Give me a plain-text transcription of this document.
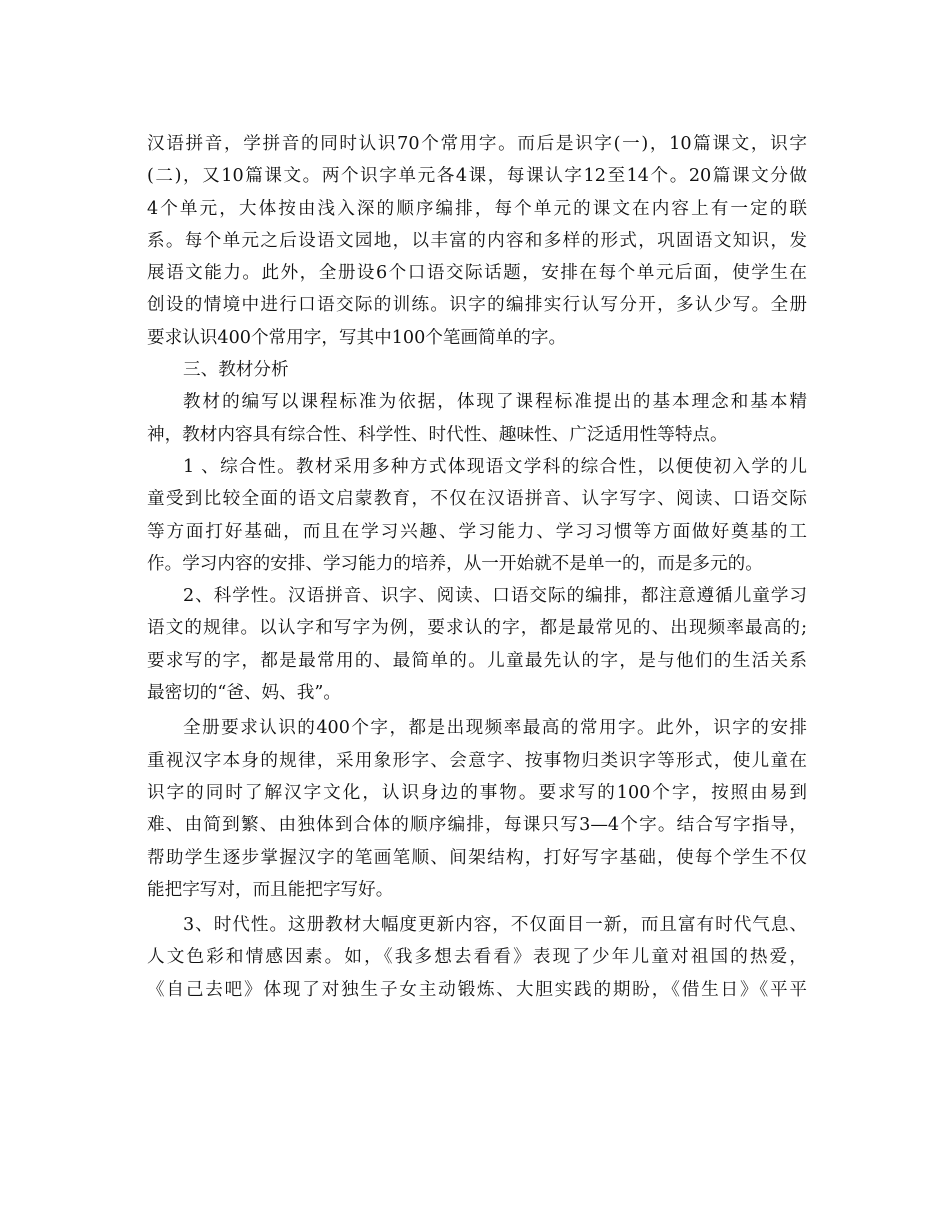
汉语拼音，学拼音的同时认识70个常用字。而后是识字(一)，10篇课文，识字
(二)，又10篇课文。两个识字单元各4课，每课认字12至14个。20篇课文分做
4个单元，大体按由浅入深的顺序编排，每个单元的课文在内容上有一定的联
系。每个单元之后设语文园地，以丰富的内容和多样的形式，巩固语文知识，发
展语文能力。此外，全册设6个口语交际话题，安排在每个单元后面，使学生在
创设的情境中进行口语交际的训练。识字的编排实行认写分开，多认少写。全册
要求认识400个常用字，写其中100个笔画简单的字。
三、教材分析
教材的编写以课程标准为依据，体现了课程标准提出的基本理念和基本精
神，教材内容具有综合性、科学性、时代性、趣味性、广泛适用性等特点。
1 、综合性。教材采用多种方式体现语文学科的综合性，以便使初入学的儿
童受到比较全面的语文启蒙教育，不仅在汉语拼音、认字写字、阅读、口语交际
等方面打好基础，而且在学习兴趣、学习能力、学习习惯等方面做好奠基的工
作。学习内容的安排、学习能力的培养，从一开始就不是单一的，而是多元的。
2、科学性。汉语拼音、识字、阅读、口语交际的编排，都注意遵循儿童学习
语文的规律。以认字和写字为例，要求认的字，都是最常见的、出现频率最高的;
要求写的字，都是最常用的、最简单的。儿童最先认的字，是与他们的生活关系
最密切的“爸、妈、我”。
全册要求认识的400个字，都是出现频率最高的常用字。此外，识字的安排
重视汉字本身的规律，采用象形字、会意字、按事物归类识字等形式，使儿童在
识字的同时了解汉字文化，认识身边的事物。要求写的100个字，按照由易到
难、由简到繁、由独体到合体的顺序编排，每课只写3—4个字。结合写字指导，
帮助学生逐步掌握汉字的笔画笔顺、间架结构，打好写字基础，使每个学生不仅
能把字写对，而且能把字写好。
3、时代性。这册教材大幅度更新内容，不仅面目一新，而且富有时代气息、
人文色彩和情感因素。如，《我多想去看看》表现了少年儿童对祖国的热爱，
《自己去吧》体现了对独生子女主动锻炼、大胆实践的期盼，《借生日》《平平
